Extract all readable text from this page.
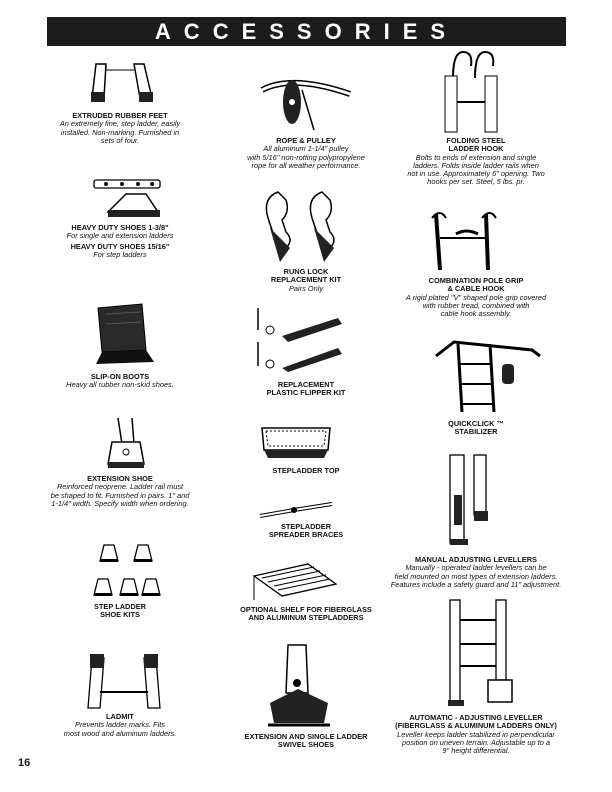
ACCESSORIES
EXTRUDED RUBBER FEET
An extremely fine, step ladder, easily
installed. Non-marking. Furnished in
sets of four.
HEAVY DUTY SHOES 1-3/8"
For single and extension ladders
HEAVY DUTY SHOES 15/16"
For step ladders
SLIP-ON BOOTS
Heavy all rubber non-skid shoes.
EXTENSION SHOE
Reinforced neoprene. Ladder rail must
be shaped to fit. Furnished in pairs. 1" and
1-1/4" width. Specify width when ordering.
STEP LADDER
SHOE KITS
LADMIT
Prevents ladder marks. Fits
most wood and aluminum ladders.
ROPE & PULLEY
All aluminum 1-1/4" pulley
with 5/16" non-rotting polypropylene
rope for all weather performance.
RUNG LOCK
REPLACEMENT KIT
Pairs Only
REPLACEMENT
PLASTIC FLIPPER KIT
STEPLADDER TOP
STEPLADDER
SPREADER BRACES
OPTIONAL SHELF FOR FIBERGLASS
AND ALUMINUM STEPLADDERS
EXTENSION AND SINGLE LADDER
SWIVEL SHOES
FOLDING STEEL
LADDER HOOK
Bolts to ends of extension and single
ladders. Folds inside ladder rails when
not in use. Approximately 6" opening. Two
hooks per set. Steel, 5 lbs. pr.
COMBINATION POLE GRIP
& CABLE HOOK
A rigid plated "V" shaped pole grip covered
with rubber tread, combined with
cable hook assembly.
QUICKCLICK ™
STABILIZER
MANUAL ADJUSTING LEVELLERS
Manually - operated ladder levellers can be
field mounted on most types of extension ladders.
Features include a safety guard and 11" adjustment.
AUTOMATIC - ADJUSTING LEVELLER
(FIBERGLASS & ALUMINUM LADDERS ONLY)
Leveller keeps ladder stabilized in perpendicular
position on uneven terrain. Adjustable up to a
9" height differential.
16
